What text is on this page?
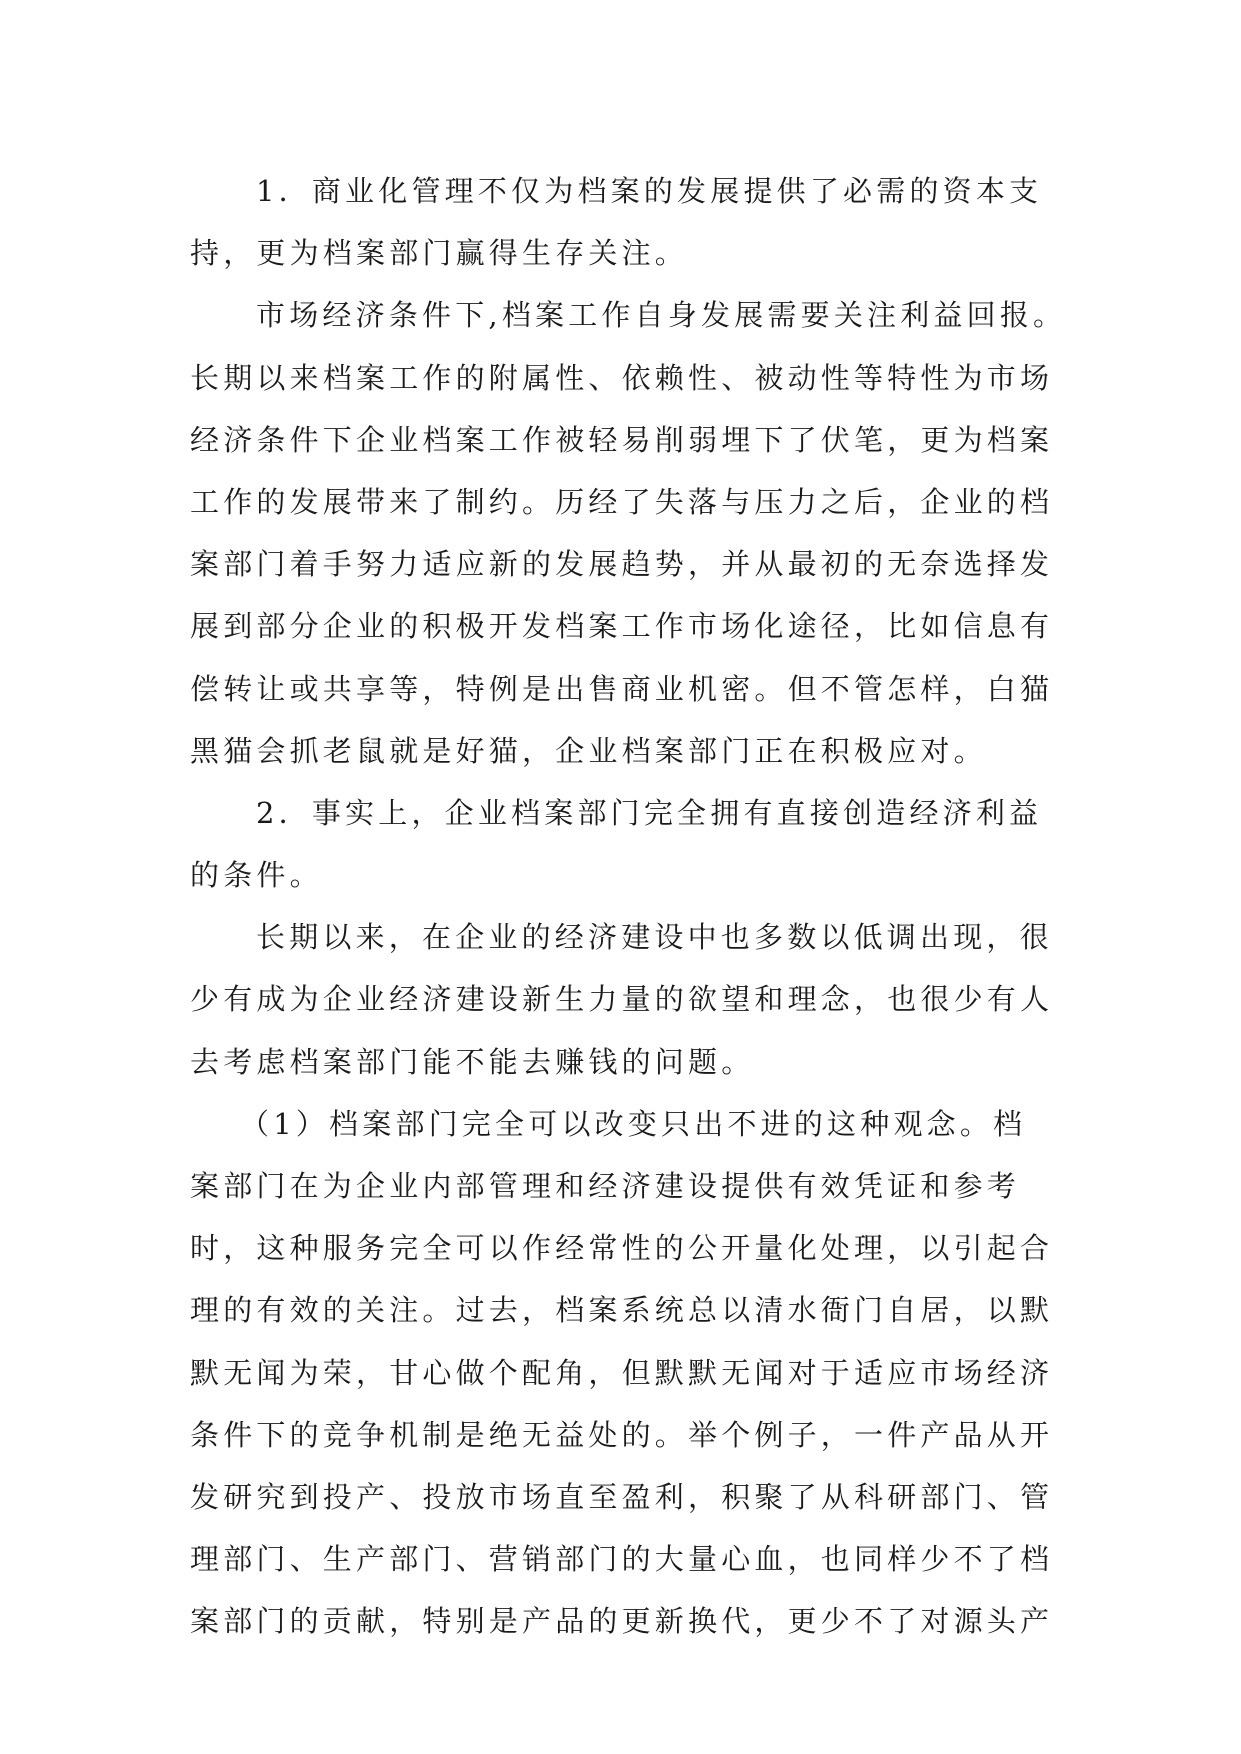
1．商业化管理不仅为档案的发展提供了必需的资本支
持，更为档案部门赢得生存关注。
市场经济条件下,档案工作自身发展需要关注利益回报。
长期以来档案工作的附属性、依赖性、被动性等特性为市场
经济条件下企业档案工作被轻易削弱埋下了伏笔，更为档案
工作的发展带来了制约。历经了失落与压力之后，企业的档
案部门着手努力适应新的发展趋势，并从最初的无奈选择发
展到部分企业的积极开发档案工作市场化途径，比如信息有
偿转让或共享等，特例是出售商业机密。但不管怎样，白猫
黑猫会抓老鼠就是好猫，企业档案部门正在积极应对。
2．事实上，企业档案部门完全拥有直接创造经济利益
的条件。
长期以来，在企业的经济建设中也多数以低调出现，很
少有成为企业经济建设新生力量的欲望和理念，也很少有人
去考虑档案部门能不能去赚钱的问题。
（1）档案部门完全可以改变只出不进的这种观念。档
案部门在为企业内部管理和经济建设提供有效凭证和参考
时，这种服务完全可以作经常性的公开量化处理，以引起合
理的有效的关注。过去，档案系统总以清水衙门自居，以默
默无闻为荣，甘心做个配角，但默默无闻对于适应市场经济
条件下的竞争机制是绝无益处的。举个例子，一件产品从开
发研究到投产、投放市场直至盈利，积聚了从科研部门、管
理部门、生产部门、营销部门的大量心血，也同样少不了档
案部门的贡献，特别是产品的更新换代，更少不了对源头产
